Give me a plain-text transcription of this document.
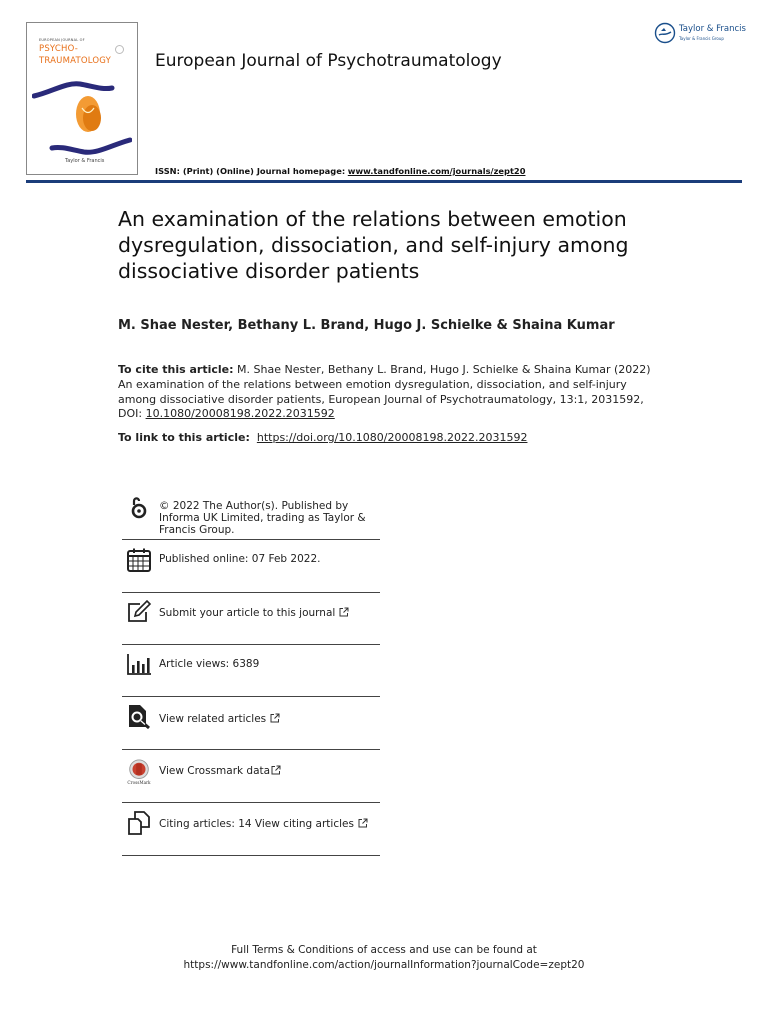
EUROPEAN JOURNAL OF
PSYCHO-
TRAUMATOLOGY
Taylor & Francis
European Journal of Psychotraumatology
Taylor & Francis
Taylor & Francis Group
ISSN: (Print) (Online) Journal homepage: www.tandfonline.com/journals/zept20
An examination of the relations between emotion dysregulation, dissociation, and self-injury among dissociative disorder patients
M. Shae Nester, Bethany L. Brand, Hugo J. Schielke & Shaina Kumar
To cite this article: M. Shae Nester, Bethany L. Brand, Hugo J. Schielke & Shaina Kumar (2022) An examination of the relations between emotion dysregulation, dissociation, and self-injury among dissociative disorder patients, European Journal of Psychotraumatology, 13:1, 2031592, DOI: 10.1080/20008198.2022.2031592
To link to this article: https://doi.org/10.1080/20008198.2022.2031592
© 2022 The Author(s). Published by Informa UK Limited, trading as Taylor & Francis Group.
Published online: 07 Feb 2022.
Submit your article to this journal
Article views: 6389
View related articles
CrossMark
View Crossmark data
Citing articles: 14 View citing articles
Full Terms & Conditions of access and use can be found at
https://www.tandfonline.com/action/journalInformation?journalCode=zept20
